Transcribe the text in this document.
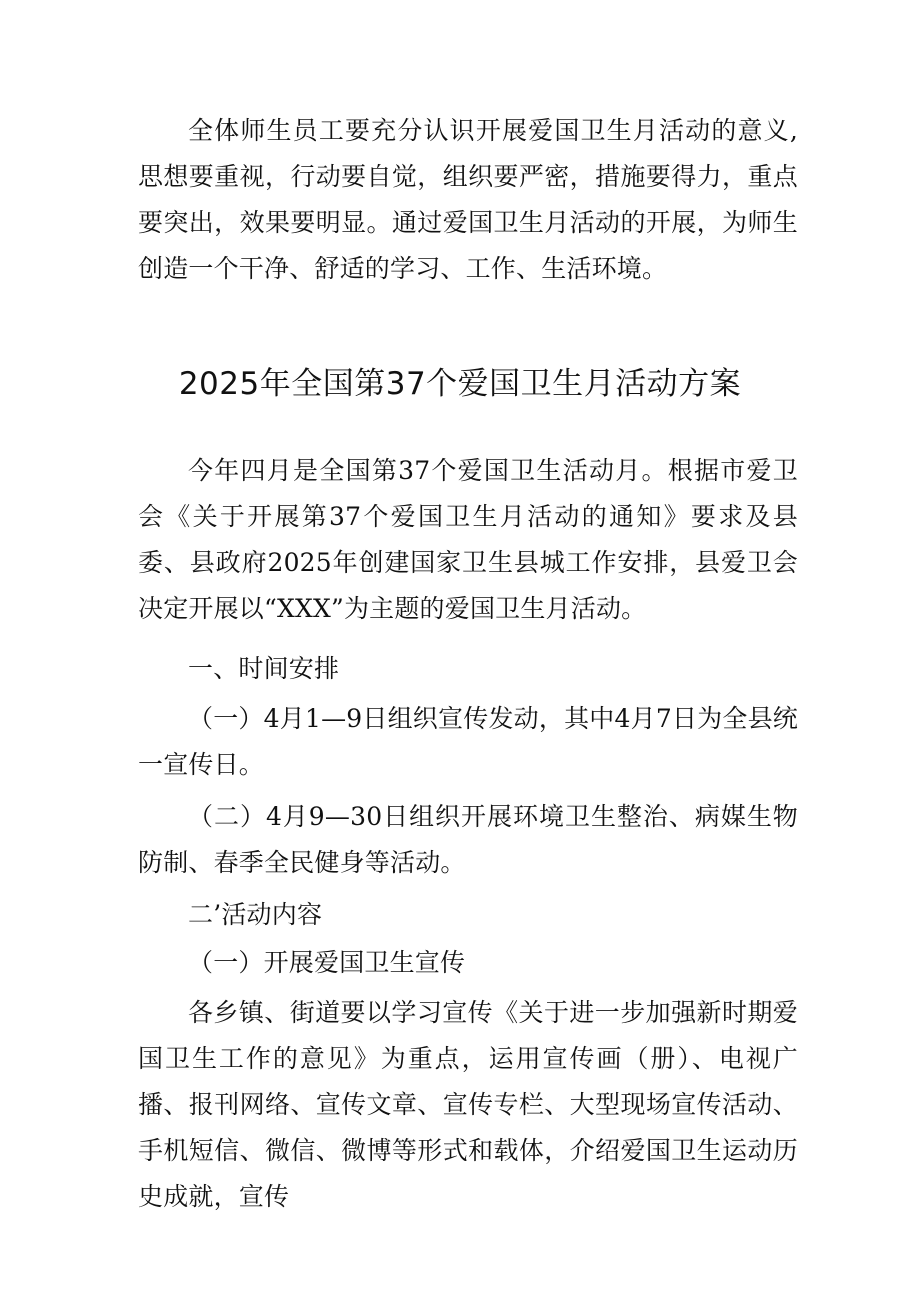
全体师生员工要充分认识开展爱国卫生月活动的意义,思想要重视，行动要自觉，组织要严密，措施要得力，重点要突出，效果要明显。通过爱国卫生月活动的开展，为师生创造一个干净、舒适的学习、工作、生活环境。

2025年全国第37个爱国卫生月活动方案

今年四月是全国第37个爱国卫生活动月。根据市爱卫会《关于开展第37个爱国卫生月活动的通知》要求及县委、县政府2025年创建国家卫生县城工作安排，县爱卫会决定开展以“XXX”为主题的爱国卫生月活动。

一、时间安排

（一）4月1—9日组织宣传发动，其中4月7日为全县统一宣传日。

（二）4月9—30日组织开展环境卫生整治、病媒生物防制、春季全民健身等活动。

二’活动内容

（一）开展爱国卫生宣传

各乡镇、街道要以学习宣传《关于进一步加强新时期爱国卫生工作的意见》为重点，运用宣传画（册）、电视广播、报刊网络、宣传文章、宣传专栏、大型现场宣传活动、手机短信、微信、微博等形式和载体，介绍爱国卫生运动历史成就，宣传
